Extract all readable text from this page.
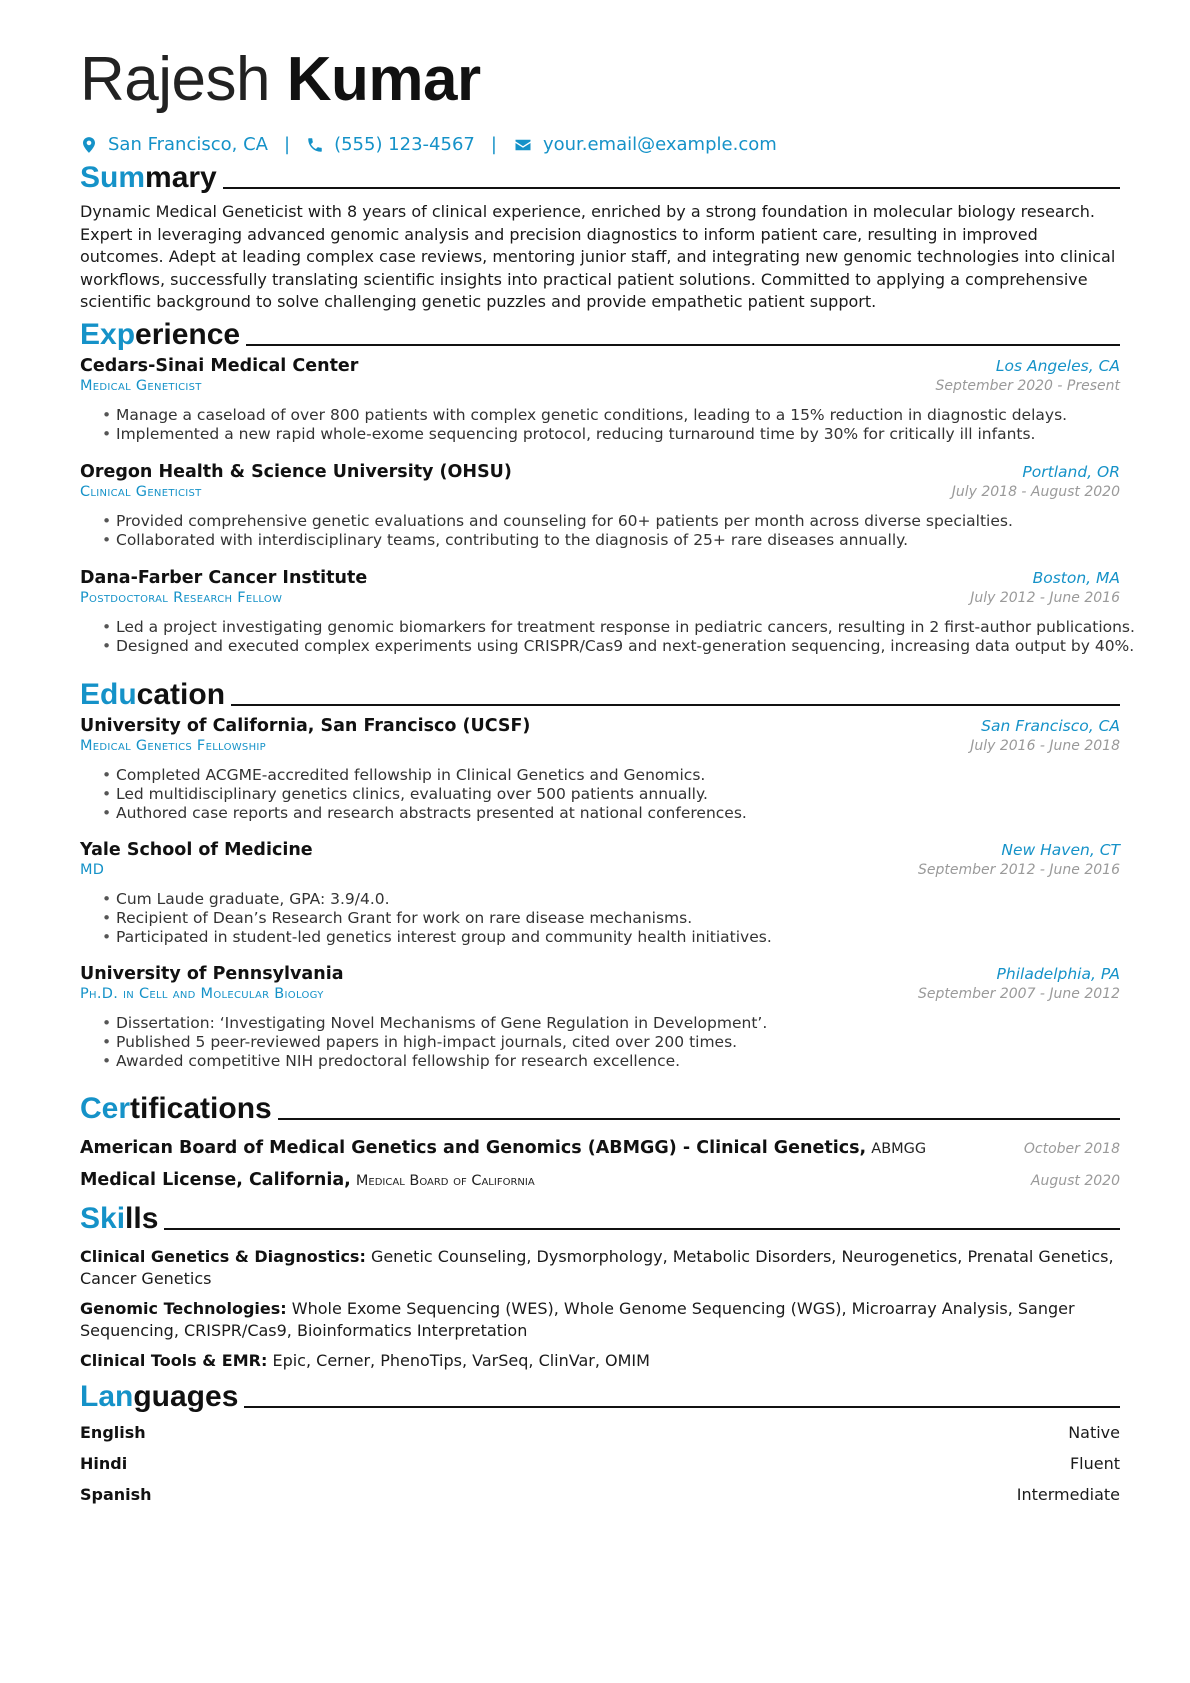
Rajesh Kumar
San Francisco, CA | (555) 123-4567 |	your.email@example.com
Summary

Dynamic Medical Geneticist with 8 years of clinical experience, enriched by a strong foundation in molecular biology research. Expert in leveraging advanced genomic analysis and precision diagnostics to inform patient care, resulting in improved outcomes. Adept at leading complex case reviews, mentoring junior staff, and integrating new genomic technologies into clinical workflows, successfully translating scientific insights into practical patient solutions. Committed to applying a comprehensive scientific background to solve challenging genetic puzzles and provide empathetic patient support.

Experience
Cedars-Sinai Medical Center	Los Angeles, CA
Medical Geneticist	September 2020 - Present
• Manage a caseload of over 800 patients with complex genetic conditions, leading to a 15% reduction in diagnostic delays.
• Implemented a new rapid whole-exome sequencing protocol, reducing turnaround time by 30% for critically ill infants.
Oregon Health & Science University (OHSU)	Portland, OR
Clinical Geneticist	July 2018 - August 2020
• Provided comprehensive genetic evaluations and counseling for 60+ patients per month across diverse specialties.
• Collaborated with interdisciplinary teams, contributing to the diagnosis of 25+ rare diseases annually.
Dana-Farber Cancer Institute	Boston, MA
Postdoctoral Research Fellow	July 2012 - June 2016
• Led a project investigating genomic biomarkers for treatment response in pediatric cancers, resulting in 2 first-author publications.
• Designed and executed complex experiments using CRISPR/Cas9 and next-generation sequencing, increasing data output by 40%.
Education
University of California, San Francisco (UCSF)	San Francisco, CA
Medical Genetics Fellowship	July 2016 - June 2018
• Completed ACGME-accredited fellowship in Clinical Genetics and Genomics.
• Led multidisciplinary genetics clinics, evaluating over 500 patients annually.
• Authored case reports and research abstracts presented at national conferences.
Yale School of Medicine	New Haven, CT
MD	September 2012 - June 2016
• Cum Laude graduate, GPA: 3.9/4.0.
• Recipient of Dean’s Research Grant for work on rare disease mechanisms.
• Participated in student-led genetics interest group and community health initiatives.
University of Pennsylvania	Philadelphia, PA
Ph.D. in Cell and Molecular Biology	September 2007 - June 2012
• Dissertation: ‘Investigating Novel Mechanisms of Gene Regulation in Development’.
• Published 5 peer-reviewed papers in high-impact journals, cited over 200 times.
• Awarded competitive NIH predoctoral fellowship for research excellence.
Certifications
American Board of Medical Genetics and Genomics (ABMGG) - Clinical Genetics, ABMGG	October 2018
Medical License, California, Medical Board of California	August 2020
Skills

Clinical Genetics & Diagnostics: Genetic Counseling, Dysmorphology, Metabolic Disorders, Neurogenetics, Prenatal Genetics, Cancer Genetics

Genomic Technologies: Whole Exome Sequencing (WES), Whole Genome Sequencing (WGS), Microarray Analysis, Sanger Sequencing, CRISPR/Cas9, Bioinformatics Interpretation

Clinical Tools & EMR: Epic, Cerner, PhenoTips, VarSeq, ClinVar, OMIM

Languages
English	Native
Hindi	Fluent
Spanish	Intermediate
